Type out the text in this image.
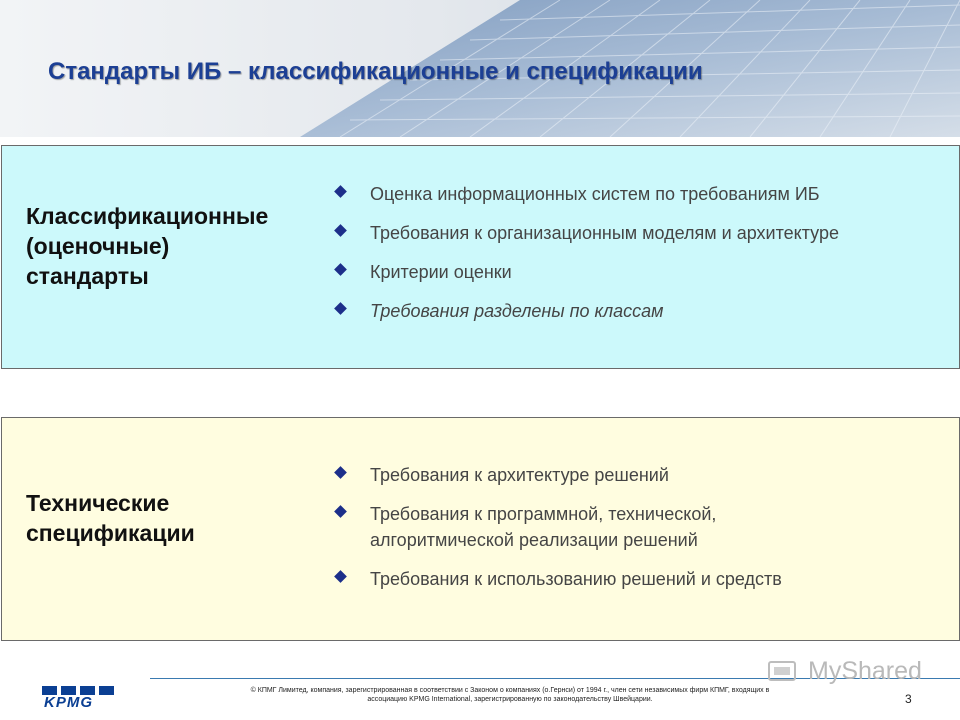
Стандарты ИБ – классификационные и спецификации
Классификационные
(оценочные)
стандарты
Оценка информационных систем по требованиям ИБ
Требования к организационным моделям и архитектуре
Критерии оценки
Требования разделены по классам
Технические
спецификации
Требования к архитектуре решений
Требования к программной, технической,
алгоритмической реализации решений
Требования к использованию решений и средств
KPMG
© КПМГ Лимитед, компания, зарегистрированная в соответствии с Законом о компаниях (о.Гернси) от 1994 г., член сети независимых фирм КПМГ, входящих в
ассоциацию KPMG International, зарегистрированную по законодательству Швейцарии.
MyShared
3
